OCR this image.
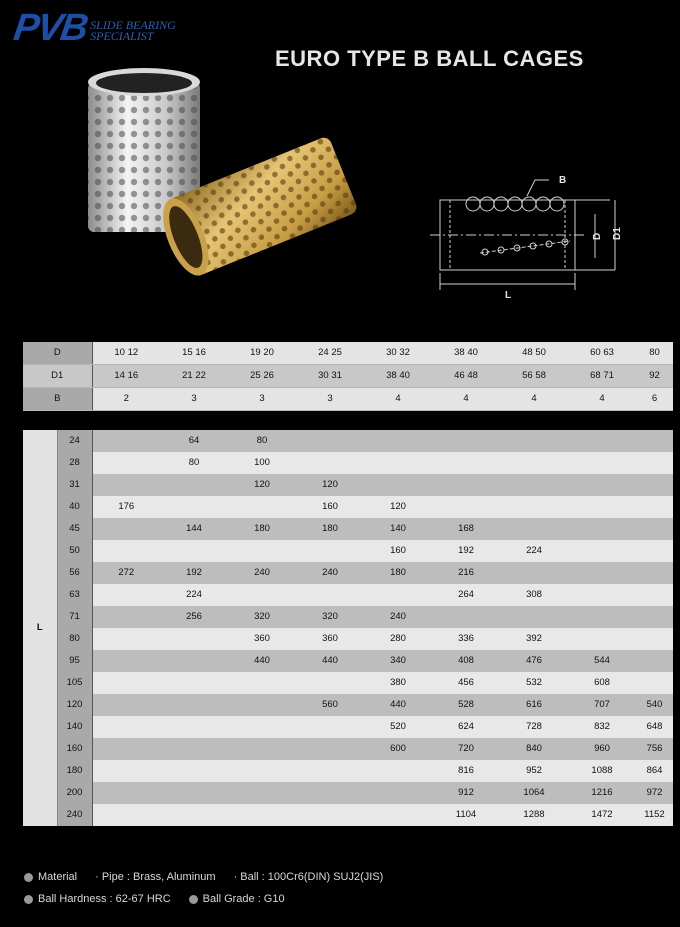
PVB SLIDE BEARING
SPECIALIST
EURO TYPE B BALL CAGES
B
D D1
L
D	10 12	15 16	19 20	24 25	30 32	38 40	48 50	60 63	80
D1	14 16	21 22	25 26	30 31	38 40	46 48	56 58	68 71	92
B	2	3	3	3	4	4	4	4	6
L	24		64	80						
	28		80	100						
	31			120	120					
	40	176			160	120				
	45		144	180	180	140	168			
	50					160	192	224		
	56	272	192	240	240	180	216			
	63		224				264	308		
	71		256	320	320	240				
	80			360	360	280	336	392		
	95			440	440	340	408	476	544	
	105					380	456	532	608	
	120				560	440	528	616	707	540
	140					520	624	728	832	648
	160					600	720	840	960	756
	180						816	952	1088	864
	200						912	1064	1216	972
	240						1104	1288	1472	1152
Material · Pipe : Brass, Aluminum · Ball : 100Cr6(DIN) SUJ2(JIS)
Ball Hardness : 62-67 HRC	Ball Grade : G10
